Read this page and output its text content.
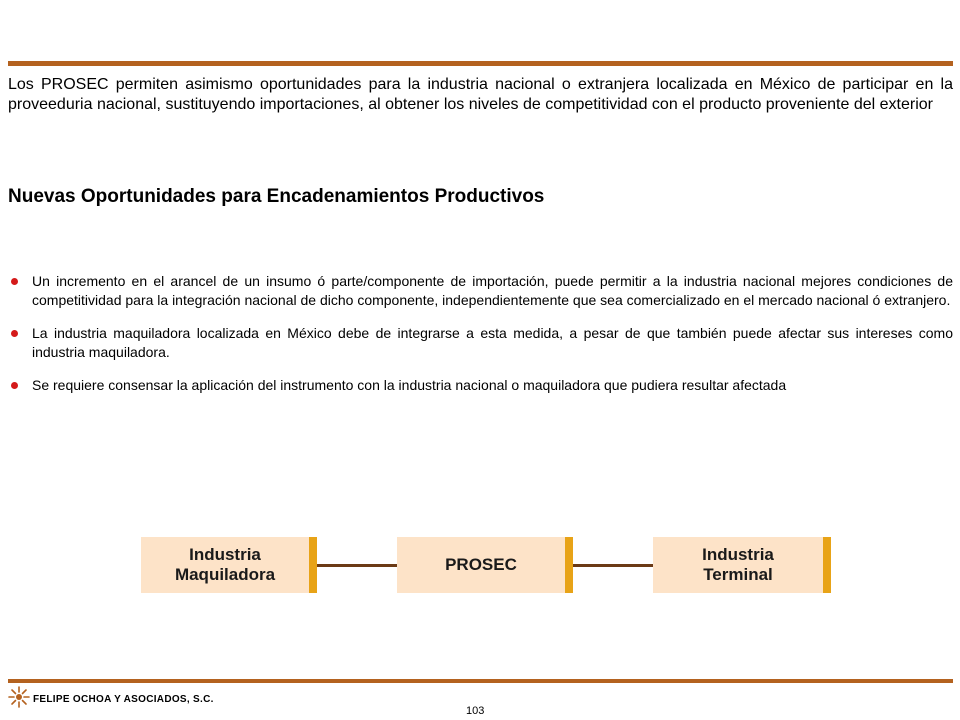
Los PROSEC permiten asimismo oportunidades para la industria nacional o extranjera localizada en México de participar en la proveeduria nacional, sustituyendo importaciones, al obtener los niveles de competitividad con el producto proveniente del exterior

Nuevas Oportunidades para Encadenamientos Productivos
Un incremento en el arancel de un insumo ó parte/componente de importación, puede permitir a la industria nacional mejores condiciones de competitividad para la integración nacional de dicho componente, independientemente que sea comercializado en el mercado nacional ó extranjero.
La industria maquiladora localizada en México debe de integrarse a esta medida, a pesar de que también puede afectar sus intereses como industria maquiladora.
Se requiere consensar la aplicación del instrumento con la industria nacional o maquiladora que pudiera resultar afectada
Industria
Maquiladora
PROSEC
Industria
Terminal
FELIPE OCHOA Y ASOCIADOS, S.C.
103
